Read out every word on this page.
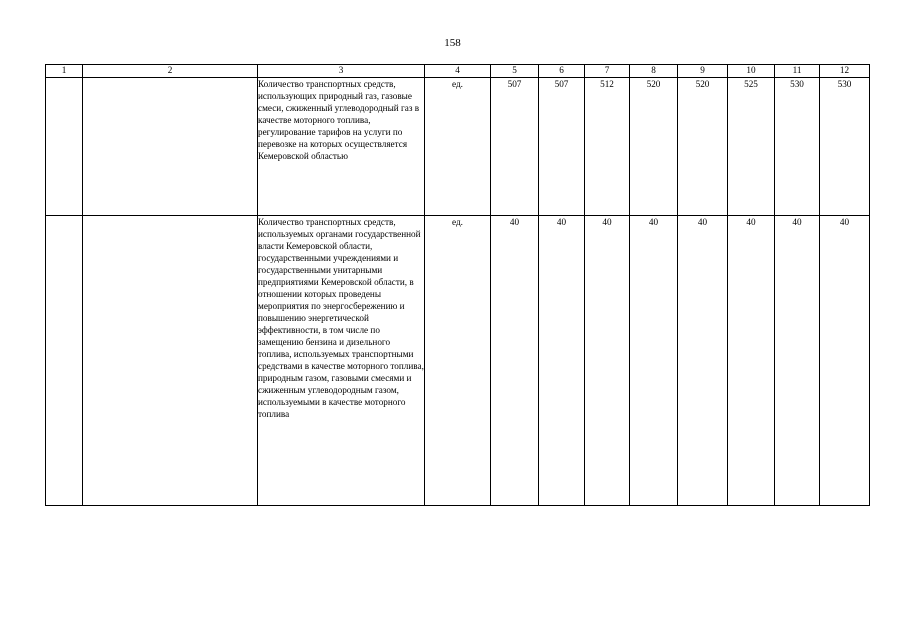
158
1	2	3	4	5	6	7	8	9	10	11	12
		Количество транспортных средств, использующих природный газ, газовые смеси, сжиженный углеводородный газ в качестве моторного топлива, регулирование тарифов на услуги по перевозке на которых осуществляется Кемеровской областью	ед.	507	507	512	520	520	525	530	530
		Количество транспортных средств, используемых органами государственной власти Кемеровской области, государственными учреждениями и государственными унитарными предприятиями Кемеровской области, в отношении которых проведены мероприятия по энергосбережению и повышению энергетической эффективности, в том числе по замещению бензина и дизельного топлива, используемых транспортными средствами в качестве моторного топлива, природным газом, газовыми смесями и сжиженным углеводородным газом, используемыми в качестве моторного топлива	ед.	40	40	40	40	40	40	40	40
